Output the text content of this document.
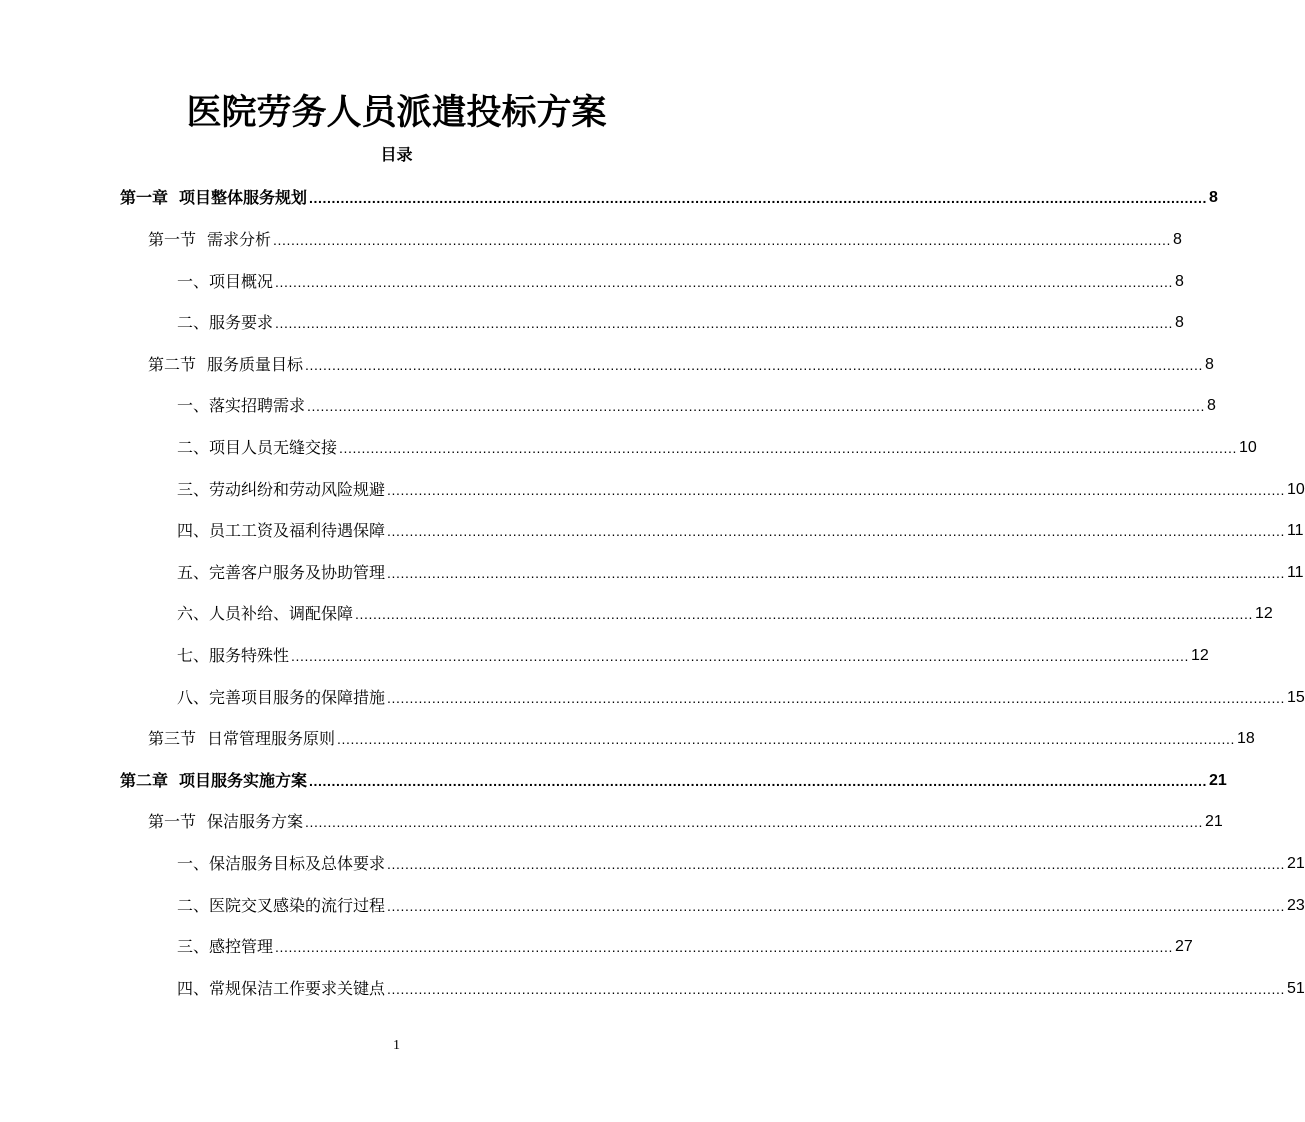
医院劳务人员派遣投标方案
目录
第一章 项目整体服务规划 ........................................................................................................................................................................................................ 8
第一节 需求分析 ........................................................................................................................................................................................................ 8
一、项目概况 ........................................................................................................................................................................................................ 8
二、服务要求 ........................................................................................................................................................................................................ 8
第二节 服务质量目标 ........................................................................................................................................................................................................ 8
一、落实招聘需求 ........................................................................................................................................................................................................ 8
二、项目人员无缝交接 ........................................................................................................................................................................................................ 10
三、劳动纠纷和劳动风险规避 ........................................................................................................................................................................................................ 10
四、员工工资及福利待遇保障 ........................................................................................................................................................................................................ 11
五、完善客户服务及协助管理 ........................................................................................................................................................................................................ 11
六、人员补给、调配保障 ........................................................................................................................................................................................................ 12
七、服务特殊性 ........................................................................................................................................................................................................ 12
八、完善项目服务的保障措施 ........................................................................................................................................................................................................ 15
第三节 日常管理服务原则 ........................................................................................................................................................................................................ 18
第二章 项目服务实施方案 ........................................................................................................................................................................................................ 21
第一节 保洁服务方案 ........................................................................................................................................................................................................ 21
一、保洁服务目标及总体要求 ........................................................................................................................................................................................................ 21
二、医院交叉感染的流行过程 ........................................................................................................................................................................................................ 23
三、感控管理 ........................................................................................................................................................................................................ 27
四、常规保洁工作要求关键点 ........................................................................................................................................................................................................ 51
1
